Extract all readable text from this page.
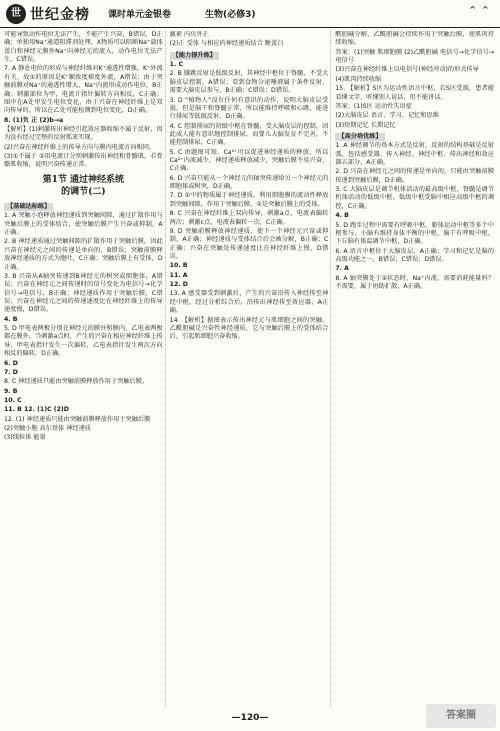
世 世纪金榜 课时单元金银卷	生物(必修3)	⌃ ⌃

可能导致动作电位无法产生，不能产生兴奋，B错误，D正确；单独用Na⁺通道阻滞剂处理，X物质可以阻断Na⁺载体蛋白和神经元膜外Na⁺向神经元的流入，动作电位无法产生，C错误。

7. A 静息电位的形成与神经纤维对K⁺通透性增强、K⁺外流有关，故①的原因是K⁺顺浓度梯度外流，A错误；由于突触前膜对Na⁺的通透性增大，Na⁺内流形成动作电位，B正确；刺激部位为甲，电流计指针偏转方向相反，C正确；图中在A处甲发生电位变化，由于兴奋在神经纤维上是双向传导的，所以在乙处可能检测到电位变化，D正确。

8. (1)负 正 (2)b→a

【解析】(1)刺激传出神经引起效应器收缩不属于反射，因为没有经过完整的反射弧来实现。

(2)兴奋在神经纤维上的传导方向与膜内电流方向相同。

(3)①不属于 ②用电流计分别刺激传出神经和骨骼肌，若骨骼肌收缩，说明兴奋传递正常。

第1节 通过神经系统
的调节(二)
【基础达标练】

1. A 突触小泡释放神经递质到突触间隙，通过扩散作用与突触后膜上的受体结合，使突触后膜产生兴奋或抑制，A正确。

2. B 神经递质通过突触间隙的扩散作用于突触后膜，因此兴奋在神经元之间的传递是单向的，B错误；突触前膜释放神经递质的方式为胞吐，C正确；突触后膜上有受体，D正确。

3. B 兴奋从A轴突传递到B神经元的树突或细胞体，A错误；兴奋在神经元之间传递时的信号变化为电信号→化学信号→电信号，B正确；神经递质作用于突触后膜，C错误；兴奋在神经元之间的传递速度比在神经纤维上的传导速度慢，D错误。

4. B

5. D 甲电表两极分别在神经元的膜外和膜内，乙电表两极都在膜外，当刺激a点时，产生的兴奋在相应神经纤维上传导，甲电表指针发生一次偏转，乙电表指针发生两次方向相反的偏转，D正确。

6. D

7. D

8. C 神经递质只能由突触前膜释放作用于突触后膜。

9. B

10. C

11. B 12. (1)C (2)D

12. (1) 神经递质只能由突触前膜释放作用于突触后膜

(2)突触小胞 高尔基体 神经递质

(3)线粒体 能量

激素 内负外正

(2)正 受体 与相应的神经递质结合 糖蛋白

【能力提升练】

1. C

2. B 膝跳反射是低级反射，其神经中枢位于脊髓，不受大脑皮层控制，A错误；看到食物分泌唾液属于条件反射，需要大脑皮层参与，B正确；C错误；D错误。

3. D “植物人”没有任何有意识的动作，说明大脑皮层受损，但是脑干和脊髓正常，所以能维持呼吸和心跳，能进行排尿等低级反射，D正确。

4. C 控制排尿的初级中枢在脊髓，受大脑皮层的控制，因此成人能有意识地控制排尿，而婴儿大脑发育不完善，不能控制排尿，C正确。

5. C 由题图可知，Ca²⁺可以促进神经递质的释放，所以Ca²⁺内流减少，神经递质释放减少，突触后膜不易兴奋，C正确。

6. D 兴奋只能从一个神经元的轴突传递给另一个神经元的细胞体或树突，D正确。

7. D ①中的物质属于神经递质，利用细胞膜的流动性释放到突触间隙，作用于突触后膜，②是突触后膜上的受体。

8. C 兴奋在神经纤维上双向传导，刺激a点，电流表偏转两次；刺激c点，电流表偏转一次，C正确。

9. D 突触前膜释放神经递质，使下一个神经元兴奋或抑制，A正确；神经递质与受体结合后会被分解，B正确；C正确；兴奋在突触处传递速度比在神经纤维上慢，D错误。

10. B

11. A

12. D

13. A 感受器受到刺激后，产生的兴奋沿传入神经传至神经中枢，经过分析综合后，沿传出神经传至效应器，A正确。

14. 【解析】据图表示传出神经元与肌细胞之间的突触。乙酰胆碱是兴奋性神经递质，它与突触后膜上的受体结合后，引起肌细胞兴奋收缩。

酰胆碱分解，乙酰胆碱会持续作用于突触后膜，使肌肉持续收缩。

答案：(1)突触 肌细胞膜 (2)乙酰胆碱 电信号→化学信号→电信号

(3)兴奋在神经纤维上以电信号(神经冲动)的形式传导

(4)肌肉持续收缩

15. 【解析】S区为运动性语言中枢，若S区受损，患者能看懂文字、听懂别人说话，但不能讲话。

答案：(1)S区 运动性失语症

(2)大脑皮层 语言、学习、记忆和思维

(3)短期记忆 长期记忆

【高分培优练】

1. A 神经调节的基本方式是反射，反射的结构基础是反射弧，包括感受器、传入神经、神经中枢、传出神经和效应器五部分，A正确。

2. D 兴奋在神经元之间的传递是单向的，只能由突触前膜传递到突触后膜，D正确。

3. C 大脑皮层是调节机体活动的最高级中枢，脊髓是调节机体活动的低级中枢，低级中枢受脑中相应高级中枢的调控，C正确。

4. B

5. D 跑步过程中需要有呼吸中枢、躯体运动中枢等多个中枢参与，小脑有维持身体平衡的中枢，脑干有呼吸中枢，下丘脑有体温调节中枢，D正确。

6. A 语言中枢位于大脑皮层，A正确；学习和记忆是脑的高级功能之一，B错误；C错误；D错误。

7. A

8. A 轴突膜处于②状态时，Na⁺内流，需要消耗能量吗？不需要，属于协助扩散，A正确。

—120—	答案圈
